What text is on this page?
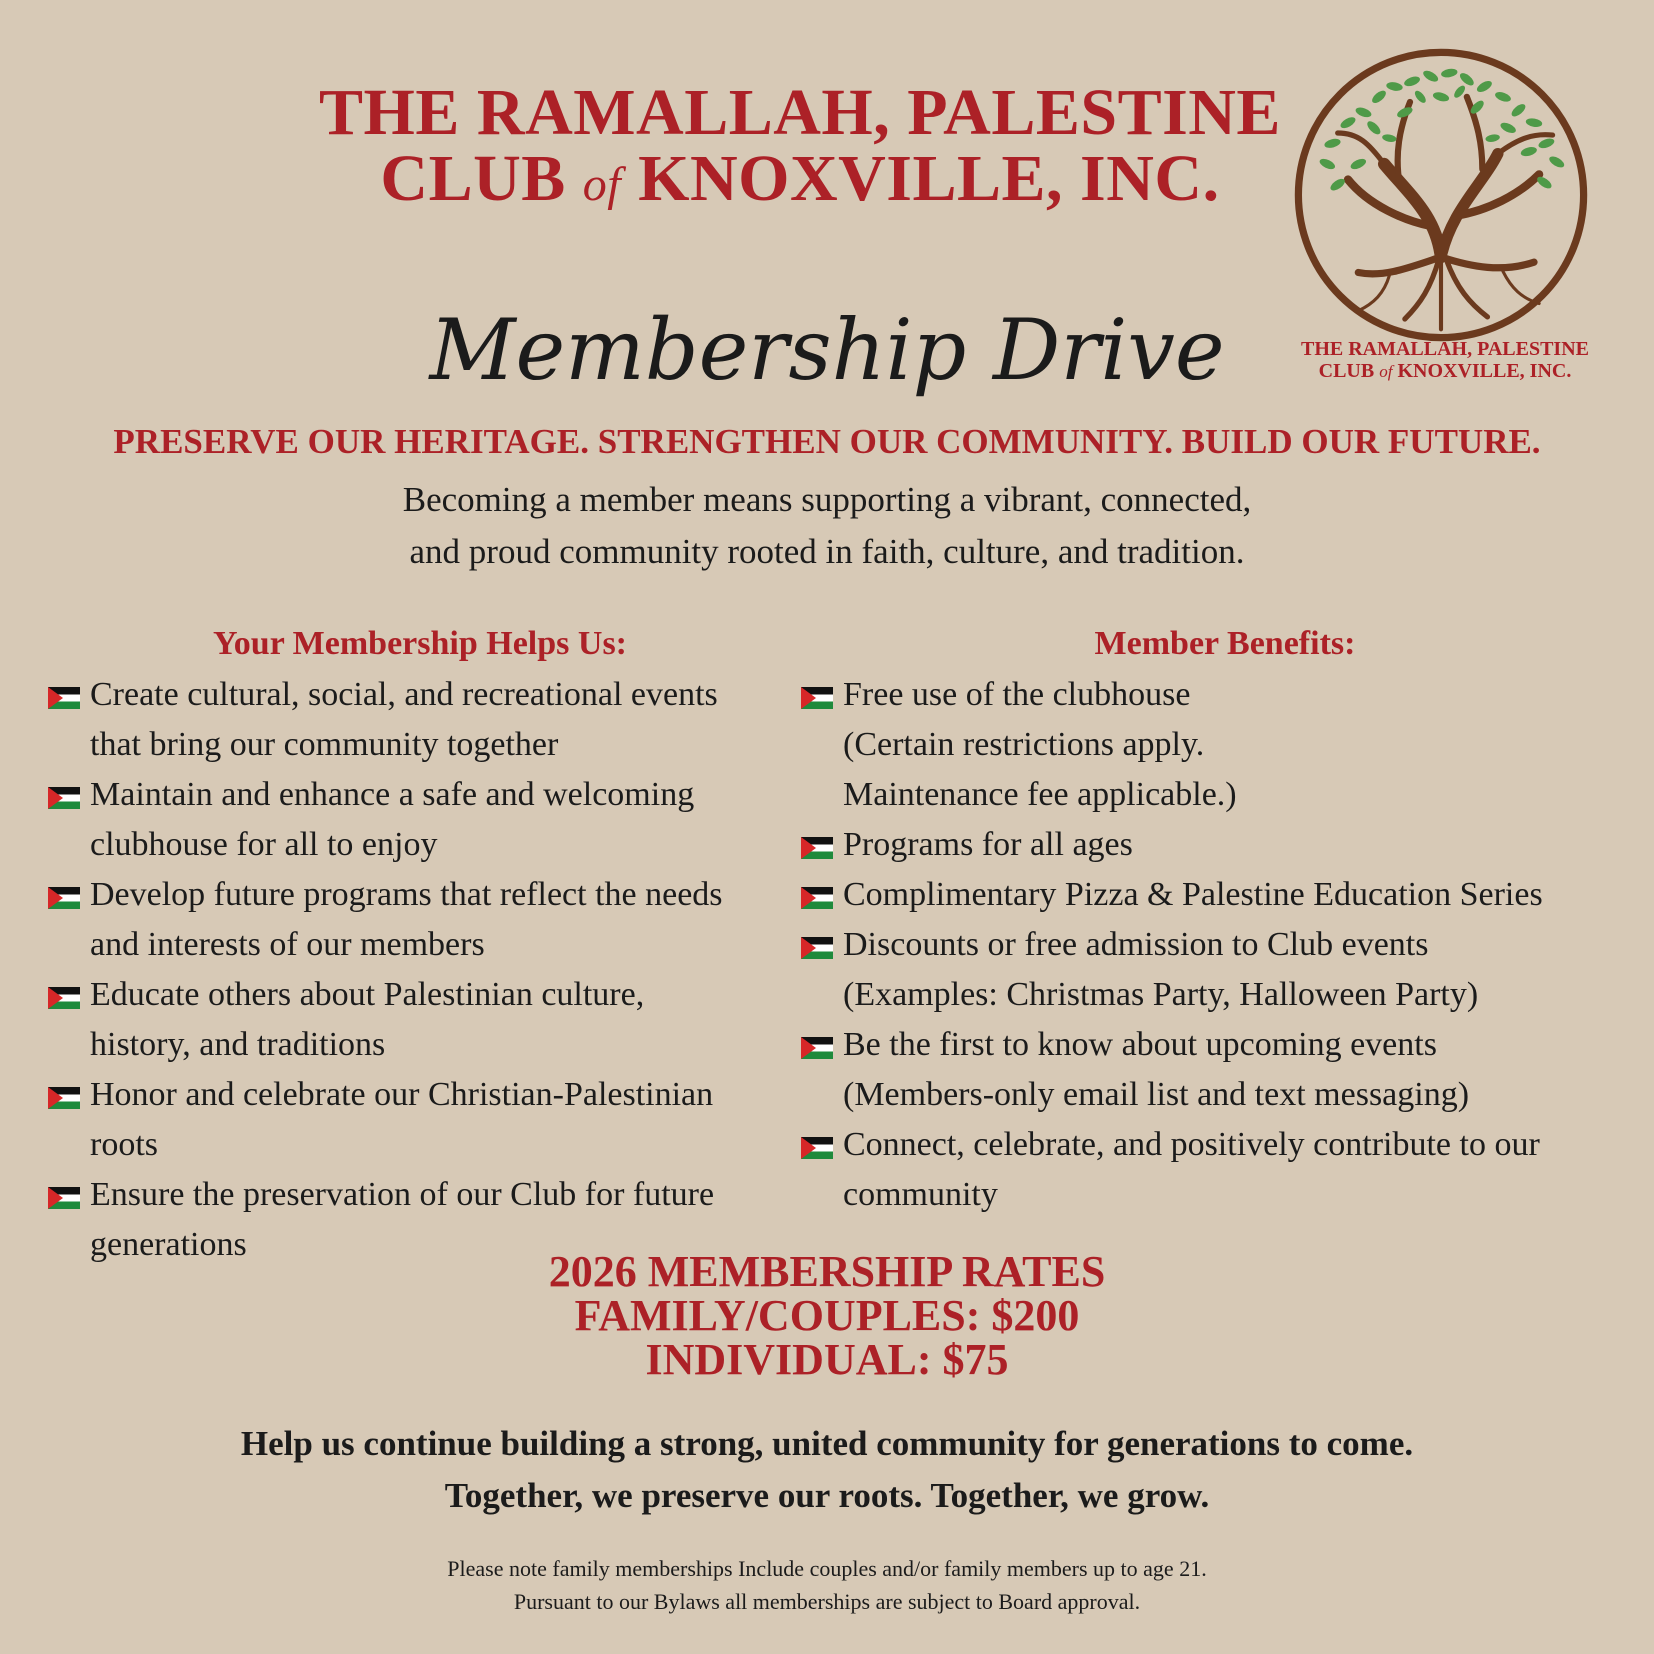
THE RAMALLAH, PALESTINE
CLUB of KNOXVILLE, INC.
THE RAMALLAH, PALESTINE
CLUB of KNOXVILLE, INC.
Membership Drive
PRESERVE OUR HERITAGE. STRENGTHEN OUR COMMUNITY. BUILD OUR FUTURE.
Becoming a member means supporting a vibrant, connected,
and proud community rooted in faith, culture, and tradition.
Your Membership Helps Us:
Create cultural, social, and recreational events
that bring our community together
Maintain and enhance a safe and welcoming
clubhouse for all to enjoy
Develop future programs that reflect the needs
and interests of our members
Educate others about Palestinian culture,
history, and traditions
Honor and celebrate our Christian-Palestinian
roots
Ensure the preservation of our Club for future
generations
Member Benefits:
Free use of the clubhouse
(Certain restrictions apply.
Maintenance fee applicable.)
Programs for all ages
Complimentary Pizza & Palestine Education Series
Discounts or free admission to Club events
(Examples: Christmas Party, Halloween Party)
Be the first to know about upcoming events
(Members-only email list and text messaging)
Connect, celebrate, and positively contribute to our
community
2026 MEMBERSHIP RATES
FAMILY/COUPLES: $200
INDIVIDUAL: $75
Help us continue building a strong, united community for generations to come.
Together, we preserve our roots. Together, we grow.
Please note family memberships Include couples and/or family members up to age 21.
Pursuant to our Bylaws all memberships are subject to Board approval.
